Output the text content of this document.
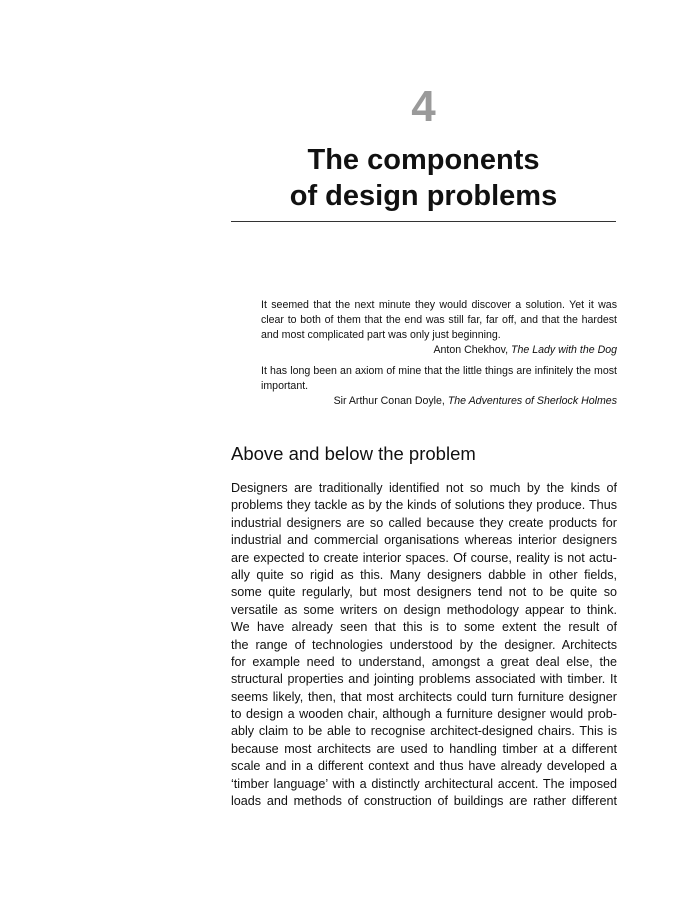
4
The components
of design problems

It seemed that the next minute they would discover a solution. Yet it was clear to both of them that the end was still far, far off, and that the hardest and most complicated part was only just beginning.

Anton Chekhov, The Lady with the Dog

It has long been an axiom of mine that the little things are infinitely the most important.

Sir Arthur Conan Doyle, The Adventures of Sherlock Holmes

Above and below the problem
Designers are traditionally identified not so much by the kinds of
problems they tackle as by the kinds of solutions they produce. Thus
industrial designers are so called because they create products for
industrial and commercial organisations whereas interior designers
are expected to create interior spaces. Of course, reality is not actu-
ally quite so rigid as this. Many designers dabble in other fields,
some quite regularly, but most designers tend not to be quite so
versatile as some writers on design methodology appear to think.
We have already seen that this is to some extent the result of
the range of technologies understood by the designer. Architects
for example need to understand, amongst a great deal else, the
structural properties and jointing problems associated with timber. It
seems likely, then, that most architects could turn furniture designer
to design a wooden chair, although a furniture designer would prob-
ably claim to be able to recognise architect-designed chairs. This is
because most architects are used to handling timber at a different
scale and in a different context and thus have already developed a
‘timber language’ with a distinctly architectural accent. The imposed
loads and methods of construction of buildings are rather different
